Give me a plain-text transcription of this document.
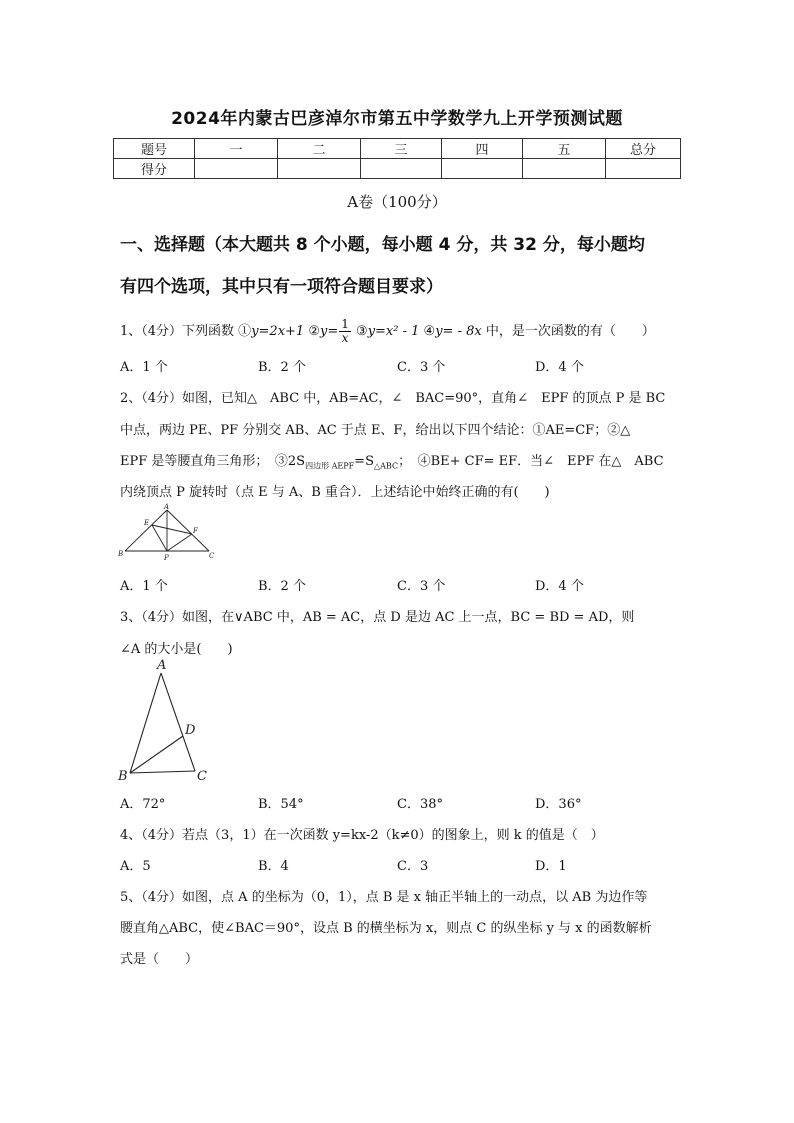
2024年内蒙古巴彦淖尔市第五中学数学九上开学预测试题
题号	一	二	三	四	五	总分
得分						
A卷（100分）
一、选择题（本大题共 8 个小题，每小题 4 分，共 32 分，每小题均
有四个选项，其中只有一项符合题目要求）
1、（4分）下列函数 ①y=2x+1 ②y= $\frac{1}{x}$ ③y=x² - 1 ④y= - 8x 中，是一次函数的有（　　）
A．1 个	B．2 个	C．3 个	D．4 个
2、（4分）如图，已知△　ABC 中，AB=AC，∠　BAC=90°，直角∠　EPF 的顶点 P 是 BC
中点，两边 PE、PF 分别交 AB、AC 于点 E、F，给出以下四个结论：①AE=CF；②△
EPF 是等腰直角三角形；　$③2S_{四边形 AEPF}=S_{\triangle ABC}$；　④BE+ CF= EF．当∠　EPF 在△　ABC
内绕顶点 P 旋转时（点 E 与 A、B 重合）．上述结论中始终正确的有(　　)
A
B	C
E
F
P
A．1 个	B．2 个	C．3 个	D．4 个
3、（4分）如图，在∨ABC 中，AB = AC，点 D 是边 AC 上一点，BC = BD = AD，则
∠A 的大小是(　　)
A
B	C
D
A．72°	B．54°	C．38°	D．36°
4、（4分）若点（3，1）在一次函数 y=kx-2（k≠0）的图象上，则 k 的值是（　）
A．5	B．4	C．3	D．1
5、（4分）如图，点 A 的坐标为（0，1），点 B 是 x 轴正半轴上的一动点，以 AB 为边作等
腰直角△ABC，使∠BAC＝90°，设点 B 的横坐标为 x，则点 C 的纵坐标 y 与 x 的函数解析
式是（　　）
